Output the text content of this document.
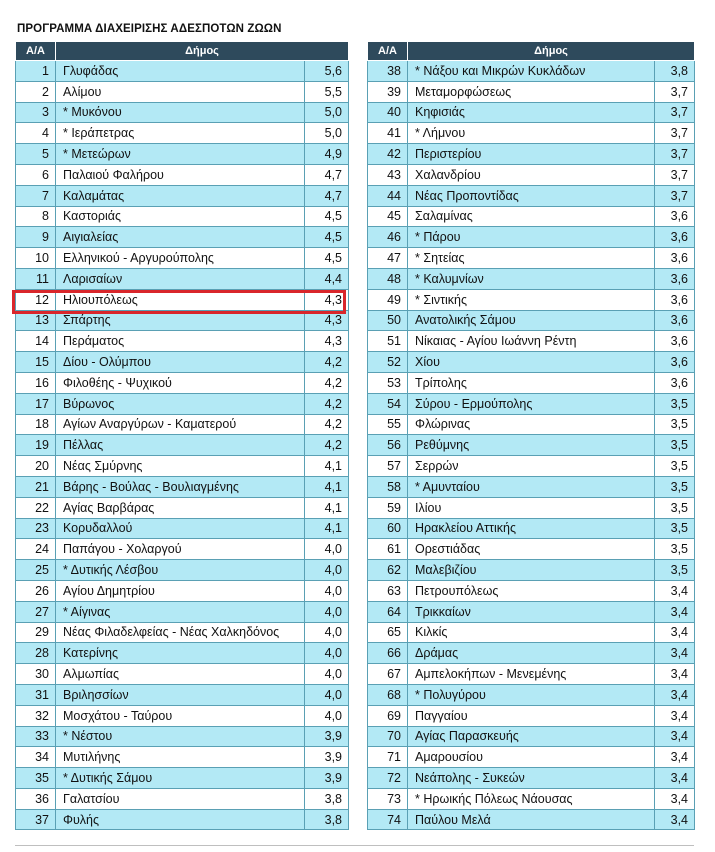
ΠΡΟΓΡΑΜΜΑ ΔΙΑΧΕΙΡΙΣΗΣ ΑΔΕΣΠΟΤΩΝ ΖΩΩΝ
Α/Α	Δήμος	
1	Γλυφάδας	5,6
2	Αλίμου	5,5
3	* Μυκόνου	5,0
4	* Ιεράπετρας	5,0
5	* Μετεώρων	4,9
6	Παλαιού Φαλήρου	4,7
7	Καλαμάτας	4,7
8	Καστοριάς	4,5
9	Αιγιαλείας	4,5
10	Ελληνικού - Αργυρούπολης	4,5
11	Λαρισαίων	4,4
12	Ηλιουπόλεως	4,3
13	Σπάρτης	4,3
14	Περάματος	4,3
15	Δίου - Ολύμπου	4,2
16	Φιλοθέης - Ψυχικού	4,2
17	Βύρωνος	4,2
18	Αγίων Αναργύρων - Καματερού	4,2
19	Πέλλας	4,2
20	Νέας Σμύρνης	4,1
21	Βάρης - Βούλας - Βουλιαγμένης	4,1
22	Αγίας Βαρβάρας	4,1
23	Κορυδαλλού	4,1
24	Παπάγου - Χολαργού	4,0
25	* Δυτικής Λέσβου	4,0
26	Αγίου Δημητρίου	4,0
27	* Αίγινας	4,0
29	Νέας Φιλαδελφείας - Νέας Χαλκηδόνος	4,0
28	Κατερίνης	4,0
30	Αλμωπίας	4,0
31	Βριλησσίων	4,0
32	Μοσχάτου - Ταύρου	4,0
33	* Νέστου	3,9
34	Μυτιλήνης	3,9
35	* Δυτικής Σάμου	3,9
36	Γαλατσίου	3,8
37	Φυλής	3,8
Α/Α	Δήμος	
38	* Νάξου και Μικρών Κυκλάδων	3,8
39	Μεταμορφώσεως	3,7
40	Κηφισιάς	3,7
41	* Λήμνου	3,7
42	Περιστερίου	3,7
43	Χαλανδρίου	3,7
44	Νέας Προποντίδας	3,7
45	Σαλαμίνας	3,6
46	* Πάρου	3,6
47	* Σητείας	3,6
48	* Καλυμνίων	3,6
49	* Σιντικής	3,6
50	Ανατολικής Σάμου	3,6
51	Νίκαιας - Αγίου Ιωάννη Ρέντη	3,6
52	Χίου	3,6
53	Τρίπολης	3,6
54	Σύρου - Ερμούπολης	3,5
55	Φλώρινας	3,5
56	Ρεθύμνης	3,5
57	Σερρών	3,5
58	* Αμυνταίου	3,5
59	Ιλίου	3,5
60	Ηρακλείου Αττικής	3,5
61	Ορεστιάδας	3,5
62	Μαλεβιζίου	3,5
63	Πετρουπόλεως	3,4
64	Τρικκαίων	3,4
65	Κιλκίς	3,4
66	Δράμας	3,4
67	Αμπελοκήπων - Μενεμένης	3,4
68	* Πολυγύρου	3,4
69	Παγγαίου	3,4
70	Αγίας Παρασκευής	3,4
71	Αμαρουσίου	3,4
72	Νεάπολης - Συκεών	3,4
73	* Ηρωικής Πόλεως Νάουσας	3,4
74	Παύλου Μελά	3,4
